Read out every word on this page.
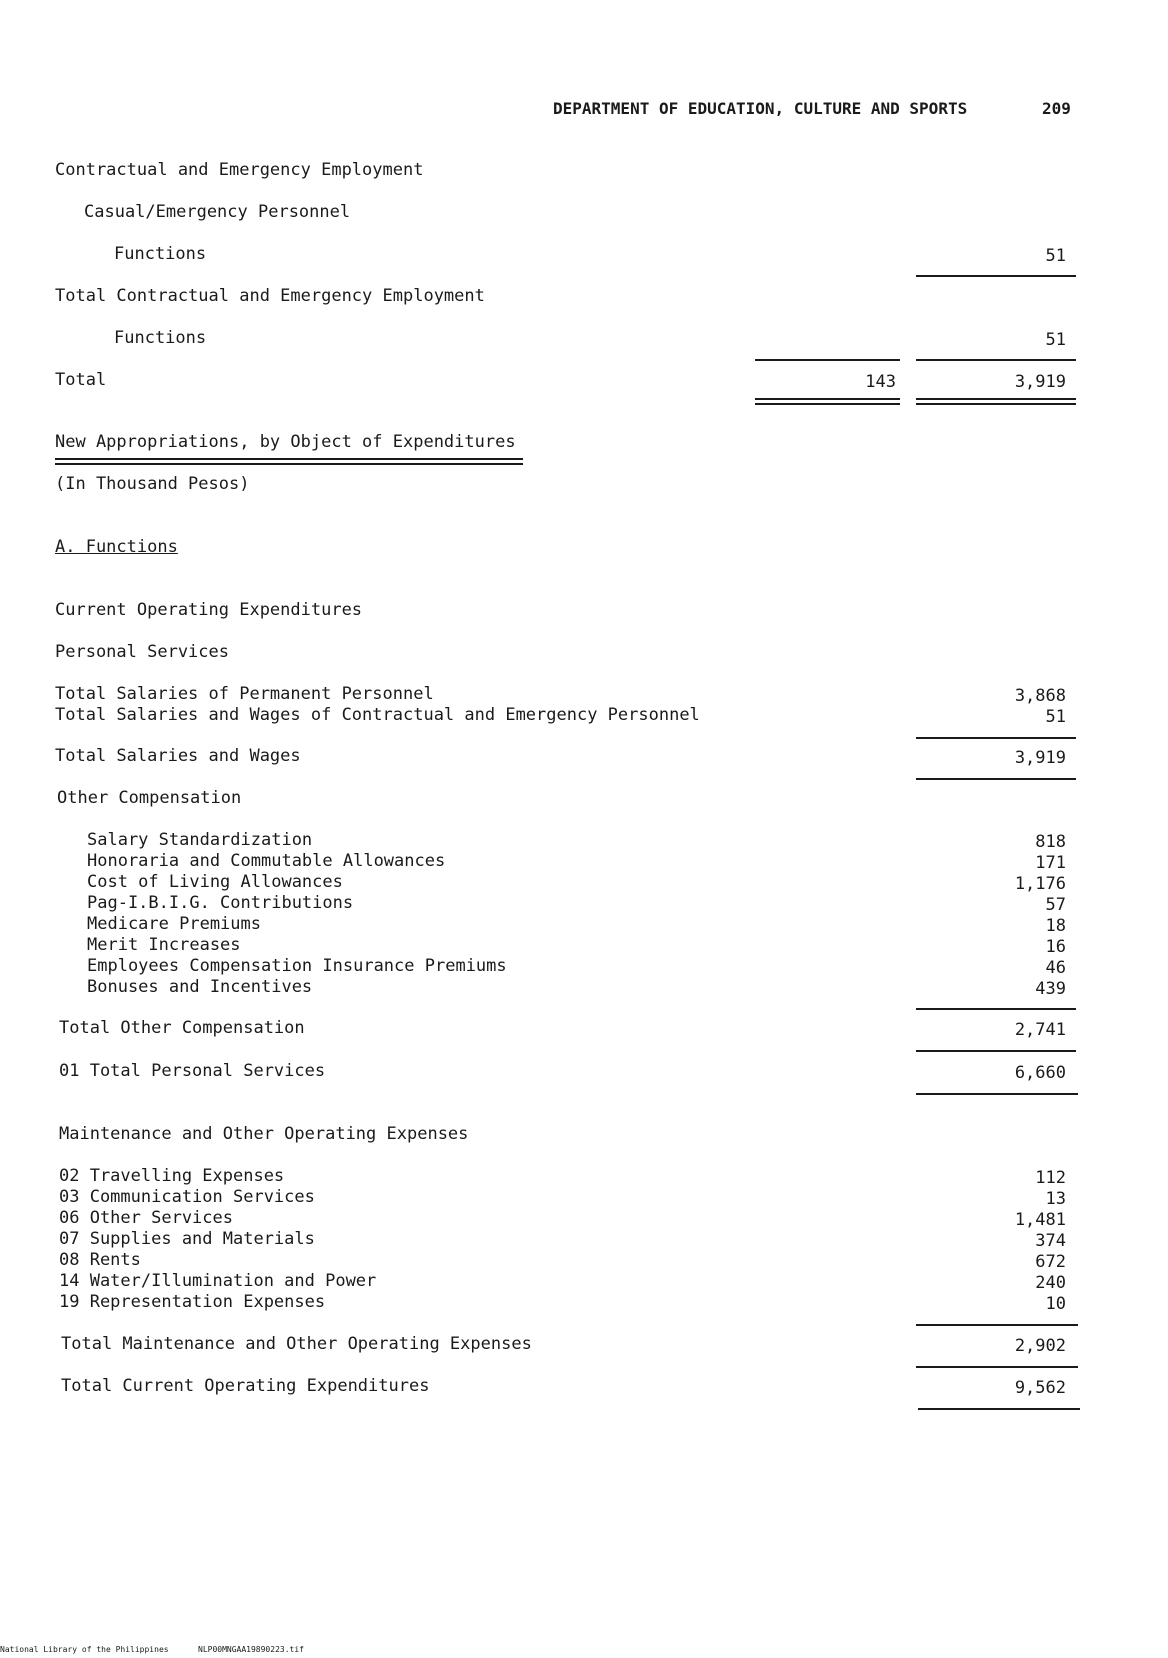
DEPARTMENT OF EDUCATION, CULTURE AND SPORTS	209
Contractual and Emergency Employment
Casual/Emergency Personnel
Functions	51
Total Contractual and Emergency Employment
Functions	51
Total	143	3,919
New Appropriations, by Object of Expenditures
(In Thousand Pesos)
A. Functions
Current Operating Expenditures
Personal Services
Total Salaries of Permanent Personnel	3,868
Total Salaries and Wages of Contractual and Emergency Personnel	51
Total Salaries and Wages	3,919
Other Compensation
Salary Standardization	818
Honoraria and Commutable Allowances	171
Cost of Living Allowances	1,176
Pag-I.B.I.G. Contributions	57
Medicare Premiums	18
Merit Increases	16
Employees Compensation Insurance Premiums	46
Bonuses and Incentives	439
Total Other Compensation	2,741
01 Total Personal Services	6,660
Maintenance and Other Operating Expenses
02 Travelling Expenses	112
03 Communication Services	13
06 Other Services	1,481
07 Supplies and Materials	374
08 Rents	672
14 Water/Illumination and Power	240
19 Representation Expenses	10
Total Maintenance and Other Operating Expenses	2,902
Total Current Operating Expenditures	9,562
National Library of the Philippines	NLP00MNGAA19890223.tif
